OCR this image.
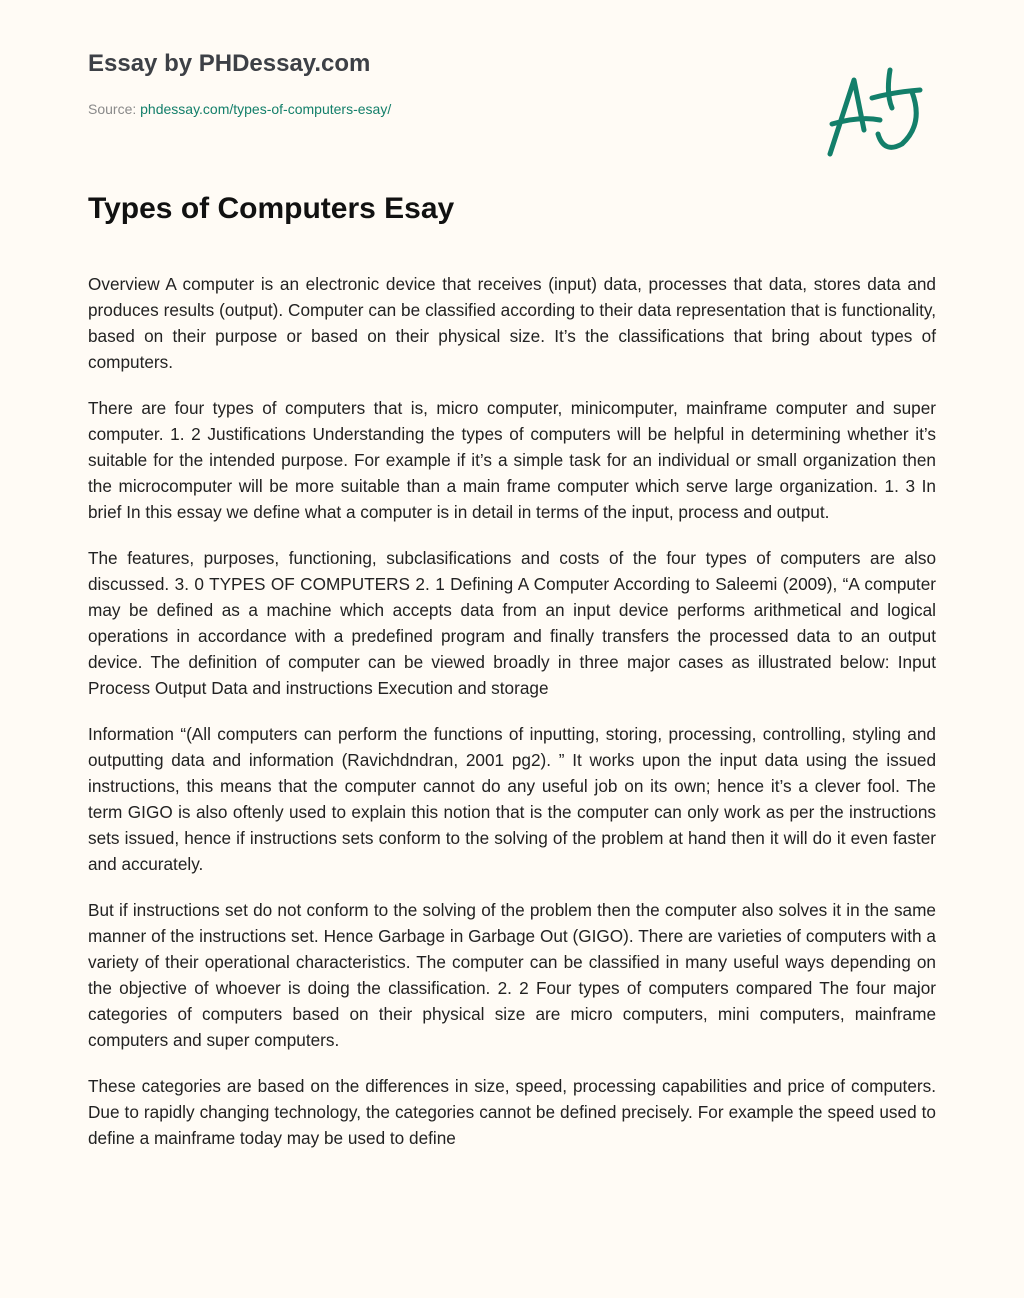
Essay by PHDessay.com
Source: phdessay.com/types-of-computers-esay/
Types of Computers Esay

Overview A computer is an electronic device that receives (input) data, processes that data, stores data and produces results (output). Computer can be classified according to their data representation that is functionality, based on their purpose or based on their physical size. It’s the classifications that bring about types of computers.

There are four types of computers that is, micro computer, minicomputer, mainframe computer and super computer. 1. 2 Justifications Understanding the types of computers will be helpful in determining whether it’s suitable for the intended purpose. For example if it’s a simple task for an individual or small organization then the microcomputer will be more suitable than a main frame computer which serve large organization. 1. 3 In brief In this essay we define what a computer is in detail in terms of the input, process and output.

The features, purposes, functioning, subclasifications and costs of the four types of computers are also discussed. 3. 0 TYPES OF COMPUTERS 2. 1 Defining A Computer According to Saleemi (2009), “A computer may be defined as a machine which accepts data from an input device performs arithmetical and logical operations in accordance with a predefined program and finally transfers the processed data to an output device. The definition of computer can be viewed broadly in three major cases as illustrated below: Input Process Output Data and instructions Execution and storage

Information “(All computers can perform the functions of inputting, storing, processing, controlling, styling and outputting data and information (Ravichdndran, 2001 pg2). ” It works upon the input data using the issued instructions, this means that the computer cannot do any useful job on its own; hence it’s a clever fool. The term GIGO is also oftenly used to explain this notion that is the computer can only work as per the instructions sets issued, hence if instructions sets conform to the solving of the problem at hand then it will do it even faster and accurately.

But if instructions set do not conform to the solving of the problem then the computer also solves it in the same manner of the instructions set. Hence Garbage in Garbage Out (GIGO). There are varieties of computers with a variety of their operational characteristics. The computer can be classified in many useful ways depending on the objective of whoever is doing the classification. 2. 2 Four types of computers compared The four major categories of computers based on their physical size are micro computers, mini computers, mainframe computers and super computers.

These categories are based on the differences in size, speed, processing capabilities and price of computers. Due to rapidly changing technology, the categories cannot be defined precisely. For example the speed used to define a mainframe today may be used to define
